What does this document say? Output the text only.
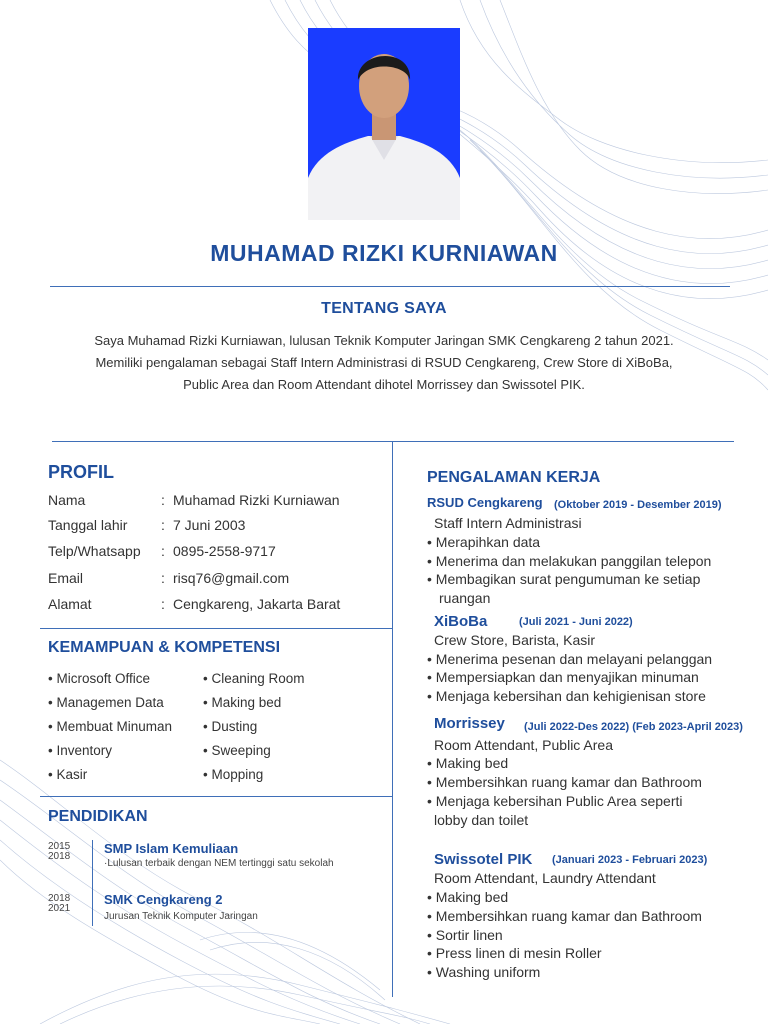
MUHAMAD RIZKI KURNIAWAN
TENTANG SAYA
Saya Muhamad Rizki Kurniawan, lulusan Teknik Komputer Jaringan SMK Cengkareng 2 tahun 2021.
Memiliki pengalaman sebagai Staff Intern Administrasi di RSUD Cengkareng, Crew Store di XiBoBa,
Public Area dan Room Attendant dihotel Morrissey dan Swissotel PIK.
PROFIL
Nama	: Muhamad Rizki Kurniawan
Tanggal lahir : 7 Juni 2003
Telp/Whatsapp : 0895-2558-9717
Email	: risq76@gmail.com
Alamat	: Cengkareng, Jakarta Barat
KEMAMPUAN & KOMPETENSI
• Microsoft Office
• Managemen Data
• Membuat Minuman
• Inventory
• Kasir
• Cleaning Room
• Making bed
• Dusting
• Sweeping
• Mopping
PENDIDIKAN
2015
2018
SMP Islam Kemuliaan
·Lulusan terbaik dengan NEM tertinggi satu sekolah
2018
2021
SMK Cengkareng 2
Jurusan Teknik Komputer Jaringan
PENGALAMAN KERJA
RSUD Cengkareng (Oktober 2019 - Desember 2019)
Staff Intern Administrasi
• Merapihkan data
• Menerima dan melakukan panggilan telepon
• Membagikan surat pengumuman ke setiap
ruangan
XiBoBa	(Juli 2021 - Juni 2022)
Crew Store, Barista, Kasir
• Menerima pesenan dan melayani pelanggan
• Mempersiapkan dan menyajikan minuman
• Menjaga kebersihan dan kehigienisan store
Morrissey (Juli 2022-Des 2022) (Feb 2023-April 2023)
Room Attendant, Public Area
• Making bed
• Membersihkan ruang kamar dan Bathroom
• Menjaga kebersihan Public Area seperti
lobby dan toilet
Swissotel PIK (Januari 2023 - Februari 2023)
Room Attendant, Laundry Attendant
• Making bed
• Membersihkan ruang kamar dan Bathroom
• Sortir linen
• Press linen di mesin Roller
• Washing uniform
